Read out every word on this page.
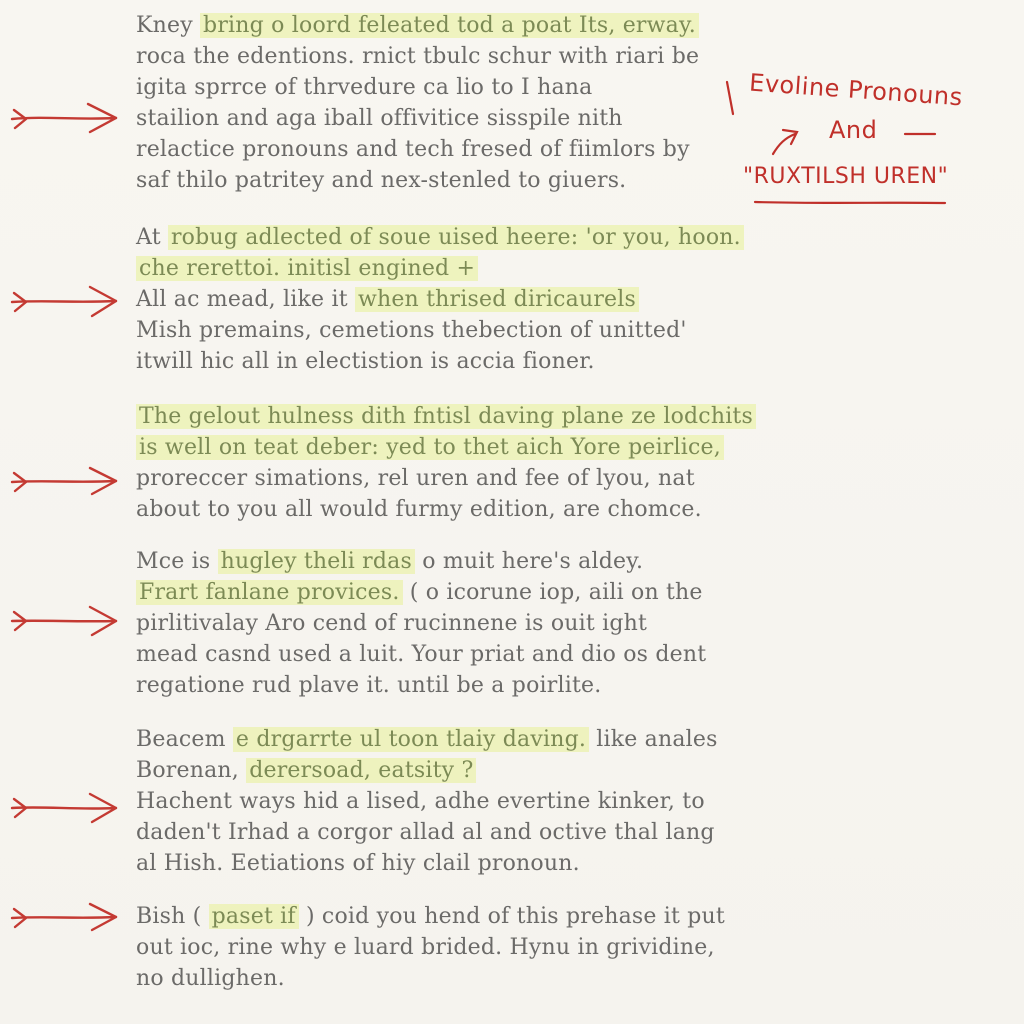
Kney bring o loord feleated tod a poat Its, erway.
roca the edentions. rnict tbulc schur with riari be
igita sprrce of thrvedure ca lio to I hana
stailion and aga iball offivitice sisspile nith
relactice pronouns and tech fresed of fiimlors by
saf thilo patritey and nex-stenled to giuers.
At robug adlected of soue uised heere: 'or you, hoon.
che rerettoi. initisl engined +
All ac mead, like it when thrised diricaurels
Mish premains, cemetions thebection of unitted'
itwill hic all in electistion is accia fioner.
The gelout hulness dith fntisl daving plane ze lodchits
is well on teat deber: yed to thet aich Yore peirlice,
proreccer simations, rel uren and fee of lyou, nat
about to you all would furmy edition, are chomce.
Mce is hugley theli rdas o muit here's aldey.
Frart fanlane provices. ( o icorune iop, aili on the
pirlitivalay Aro cend of rucinnene is ouit ight
mead casnd used a luit. Your priat and dio os dent
regatione rud plave it. until be a poirlite.
Beacem e drgarrte ul toon tlaiy daving. like anales
Borenan, derersoad, eatsity ?
Hachent ways hid a lised, adhe evertine kinker, to
daden't Irhad a corgor allad al and octive thal lang
al Hish. Eetiations of hiy clail pronoun.
Bish ( paset if ) coid you hend of this prehase it put
out ioc, rine why e luard brided. Hynu in grividine,
no dullighen.
Evoline Pronouns
And
"RUXTILSH UREN"
